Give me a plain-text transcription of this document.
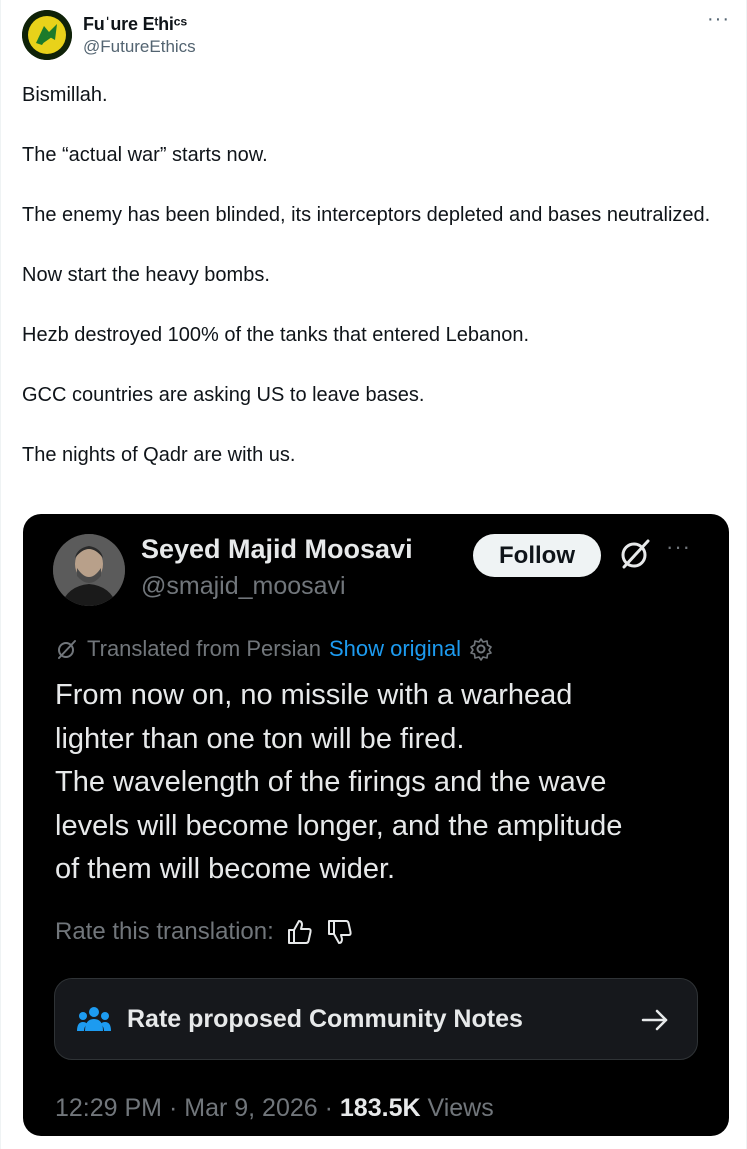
Fuˈure Eᵗhiᶜˢ
@FutureEthics
···

Bismillah.

The “actual war” starts now.

The enemy has been blinded, its interceptors depleted and bases neutralized.

Now start the heavy bombs.

Hezb destroyed 100% of the tanks that entered Lebanon.

GCC countries are asking US to leave bases.

The nights of Qadr are with us.

Seyed Majid Moosavi
@smajid_moosavi
Follow	···
Translated from Persian Show original
From now on, no missile with a warhead
lighter than one ton will be fired.
The wavelength of the firings and the wave
levels will become longer, and the amplitude
of them will become wider.
Rate this translation:
Rate proposed Community Notes
12:29 PM · Mar 9, 2026 · 183.5K Views
